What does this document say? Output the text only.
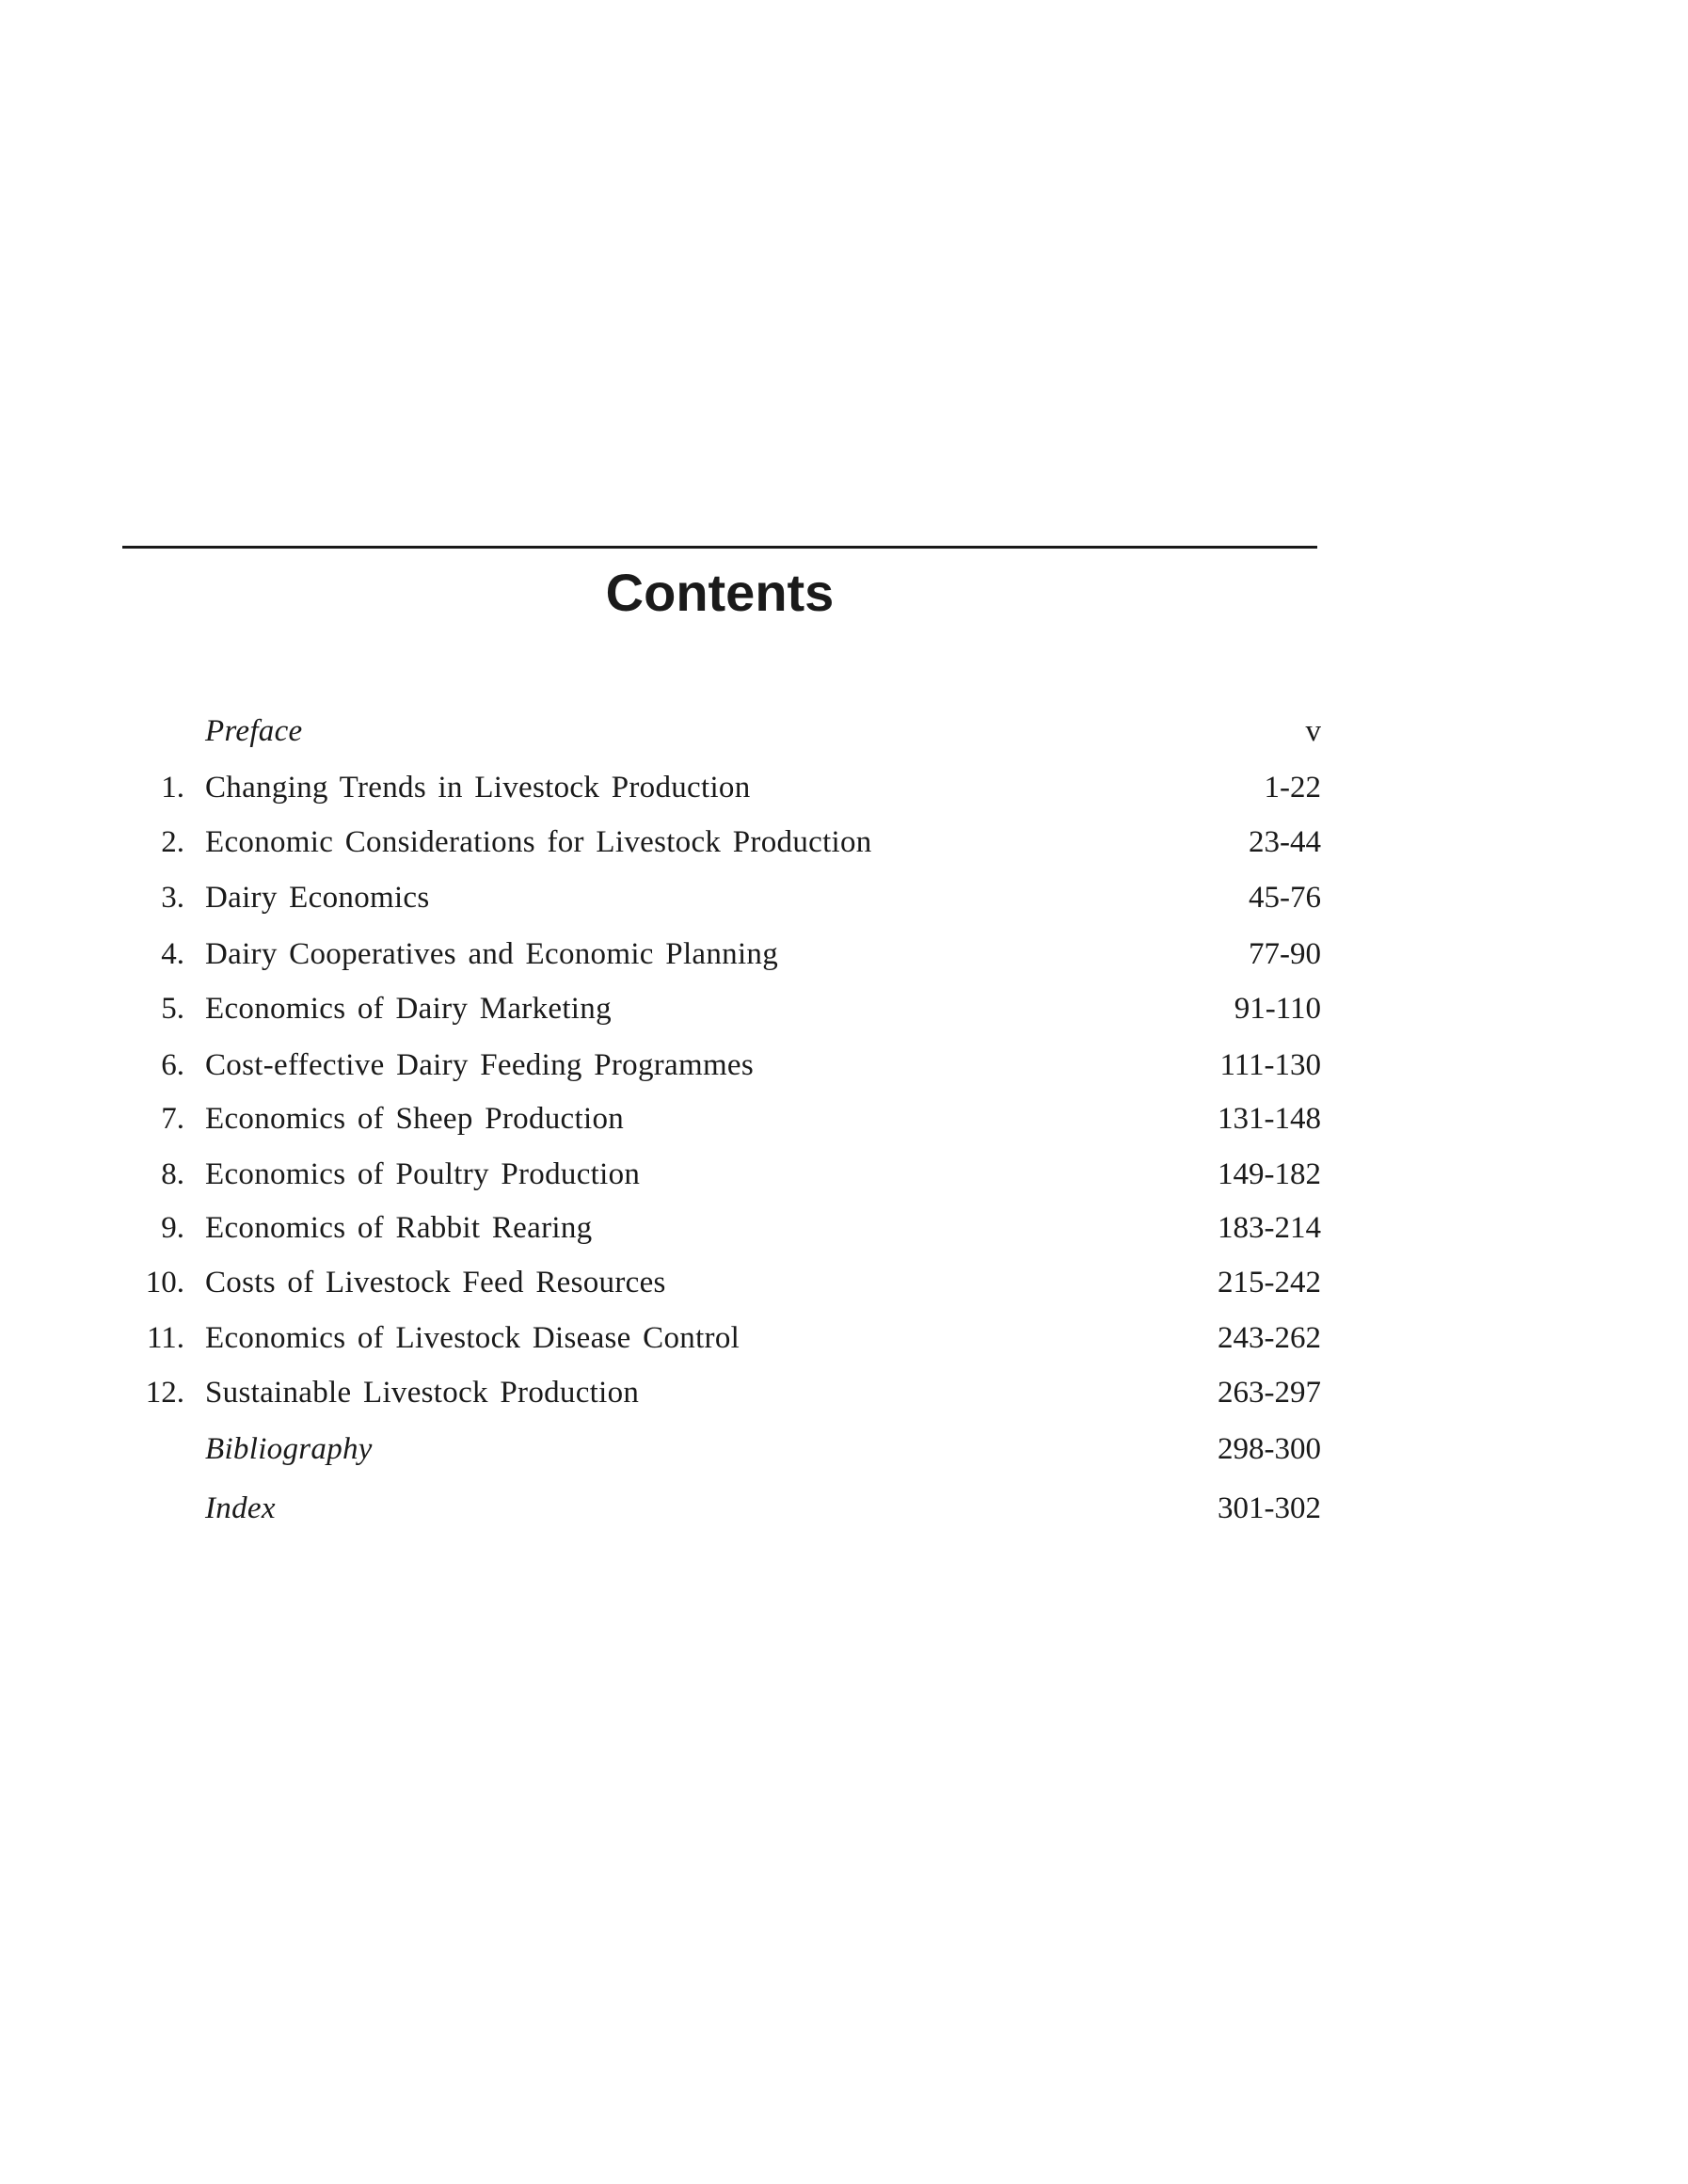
Contents
Preface	v
1. Changing Trends in Livestock Production	1-22
2. Economic Considerations for Livestock Production	23-44
3. Dairy Economics	45-76
4. Dairy Cooperatives and Economic Planning	77-90
5. Economics of Dairy Marketing	91-110
6. Cost-effective Dairy Feeding Programmes	111-130
7. Economics of Sheep Production	131-148
8. Economics of Poultry Production	149-182
9. Economics of Rabbit Rearing	183-214
10. Costs of Livestock Feed Resources	215-242
11. Economics of Livestock Disease Control	243-262
12. Sustainable Livestock Production	263-297
Bibliography	298-300
Index	301-302
